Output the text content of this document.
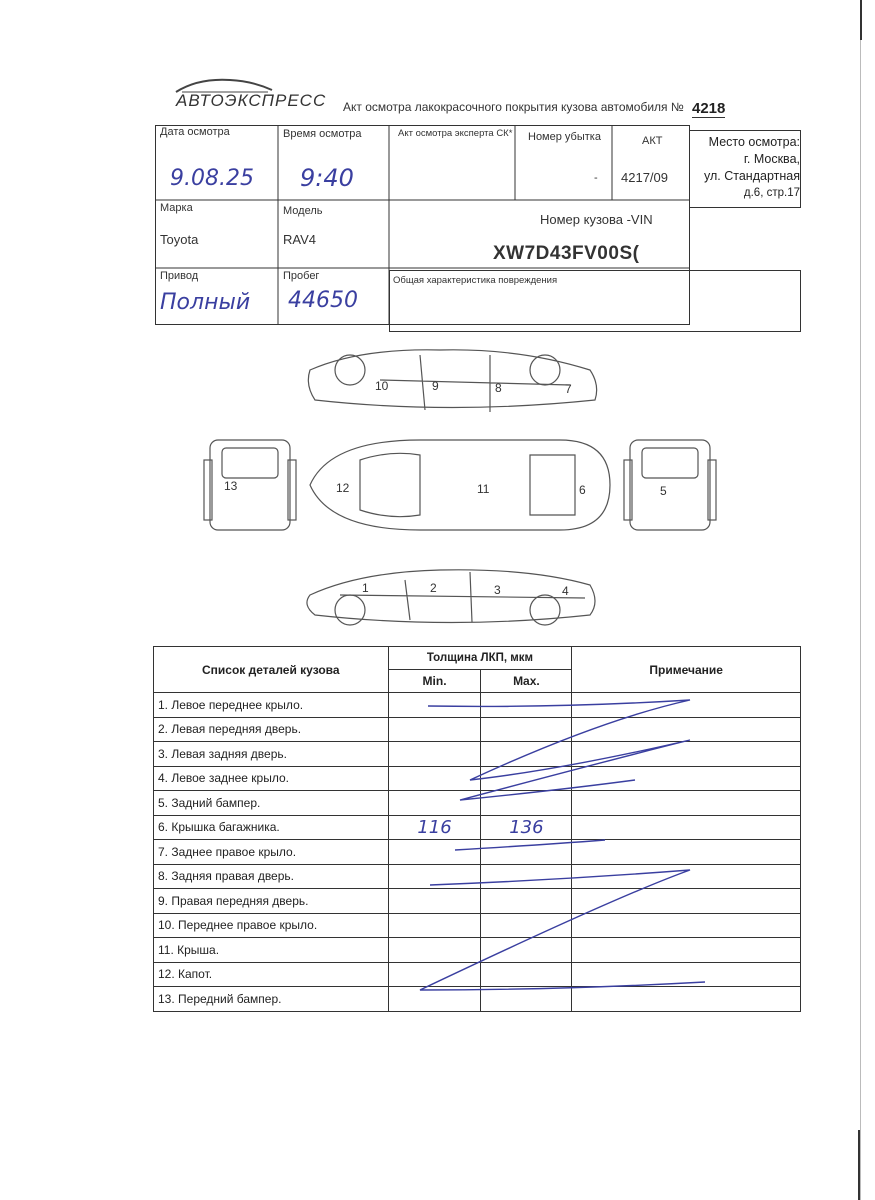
АВТОЭКСПРЕСС Акт осмотра лакокрасочного покрытия кузова автомобиля № 4218
Дата осмотра
9.08.25
Время осмотра
9:40
Акт осмотра эксперта СК* Номер убытка
-
АКТ
4217/09
Место осмотра:
г. Москва,
ул. Стандартная
д.6, стр.17
Марка
Toyota
Модель
RAV4
Номер кузова -VIN
XW7D43FV00S(
Привод
Полный
Пробег
44650
Общая характеристика повреждения
10	9	8	7
13	12	11	6	5
1	2	3	4
Список деталей кузова	Толщина ЛКП, мкм		Примечание
	Min.	Max.	
1. Левое переднее крыло.			
2. Левая передняя дверь.			
3. Левая задняя дверь.			
4. Левое заднее крыло.			
5. Задний бампер.			
6. Крышка багажника.	116	136	
7. Заднее правое крыло.			
8. Задняя правая дверь.			
9. Правая передняя дверь.			
10. Переднее правое крыло.			
11. Крыша.			
12. Капот.			
13. Передний бампер.			
